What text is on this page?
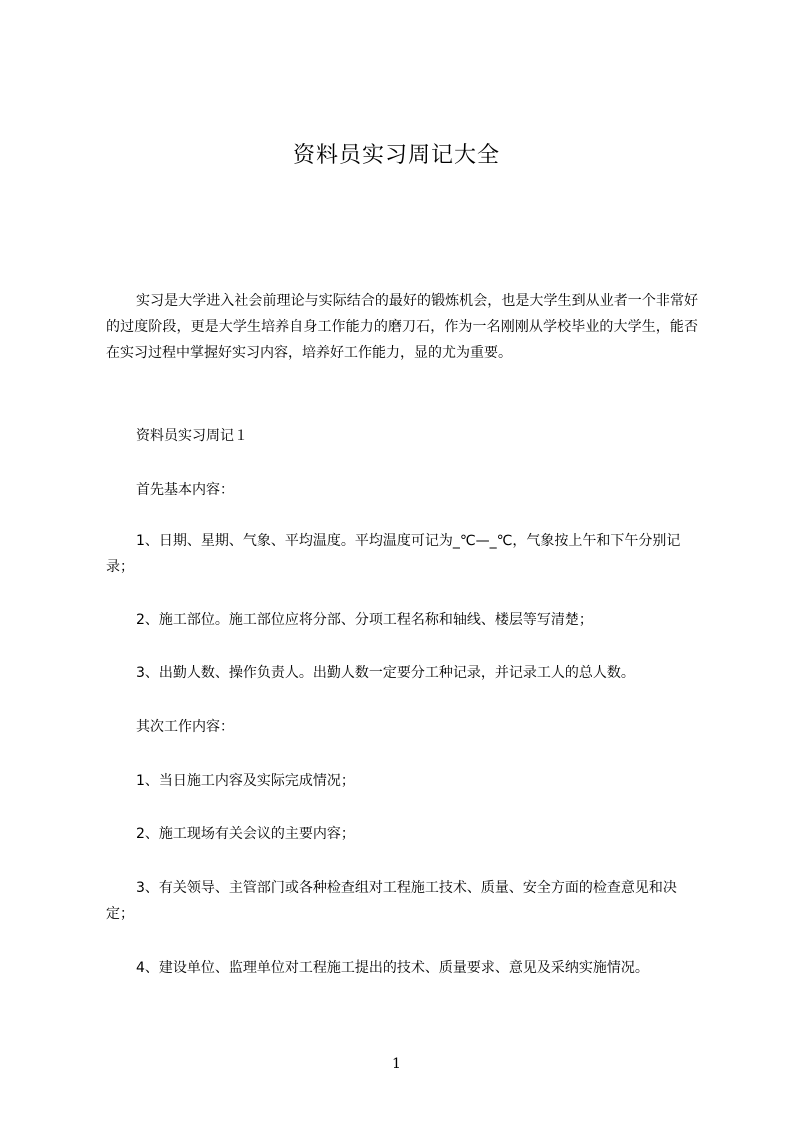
资料员实习周记大全

实习是大学进入社会前理论与实际结合的最好的锻炼机会，也是大学生到从业者一个非常好的过度阶段，更是大学生培养自身工作能力的磨刀石，作为一名刚刚从学校毕业的大学生，能否在实习过程中掌握好实习内容，培养好工作能力，显的尤为重要。

资料员实习周记１

首先基本内容：

1、日期、星期、气象、平均温度。平均温度可记为_℃—_℃，气象按上午和下午分别记录；

2、施工部位。施工部位应将分部、分项工程名称和轴线、楼层等写清楚；

3、出勤人数、操作负责人。出勤人数一定要分工种记录，并记录工人的总人数。

其次工作内容：

1、当日施工内容及实际完成情况；

2、施工现场有关会议的主要内容；

3、有关领导、主管部门或各种检查组对工程施工技术、质量、安全方面的检查意见和决定；

4、建设单位、监理单位对工程施工提出的技术、质量要求、意见及采纳实施情况。

1
